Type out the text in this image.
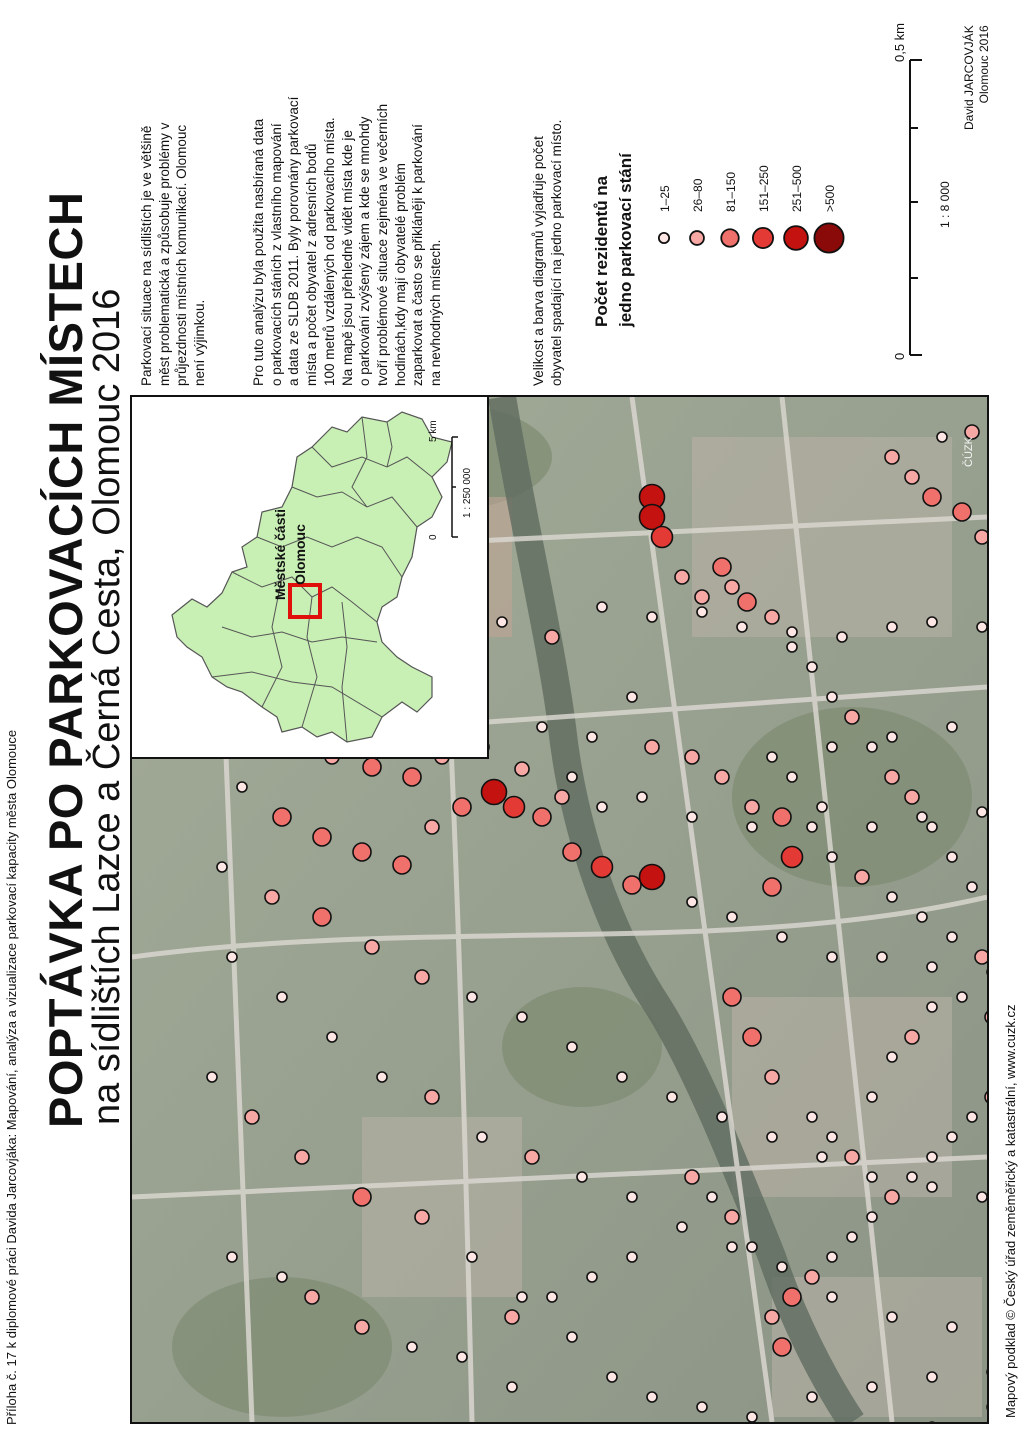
Příloha č. 17 k diplomové práci Davida Jarcovjáka: Mapování, analýza a vizualizace parkovací kapacity města Olomouce POPTÁVKA PO PARKOVACÍCH MÍSTECH
na sídlištích Lazce a Černá Cesta, Olomouc 2016
Parkovací situace na sídlištích je ve většině měst problematická a způsobuje problémy v průjezdnosti místních komunikací. Olomouc není výjimkou.	Pro tuto analýzu byla použita nasbíraná data o parkovacích stáních z vlastního mapování a data ze SLDB 2011. Byly porovnány parkovací místa a počet obyvatel z adresních bodů 100 metrů vzdálených od parkovacího místa. Na mapě jsou přehledně vidět místa kde je o parkování zvýšený zájem a kde se mnohdy tvoří problémové situace zejména ve večerních hodinách,kdy mají obyvatelé problém zaparkovat a často se přikláněji k parkování na nevhodných místech.	Velikost a barva diagramů vyjadřuje počet obyvatel spadající na jedno parkovací místo. Počet rezidentů na jedno parkovací stání 1–25 26–80 81–150 151–250 251–500 >500
0
0,5 km
1 : 8 000
David JARCOVJÁK Olomouc 2016
Mapový podklad © Český úřad zeměměřický a katastrální, www.cuzk.cz
ČÚZK
Městské části Olomouc	0
5 km
1 : 250 000
